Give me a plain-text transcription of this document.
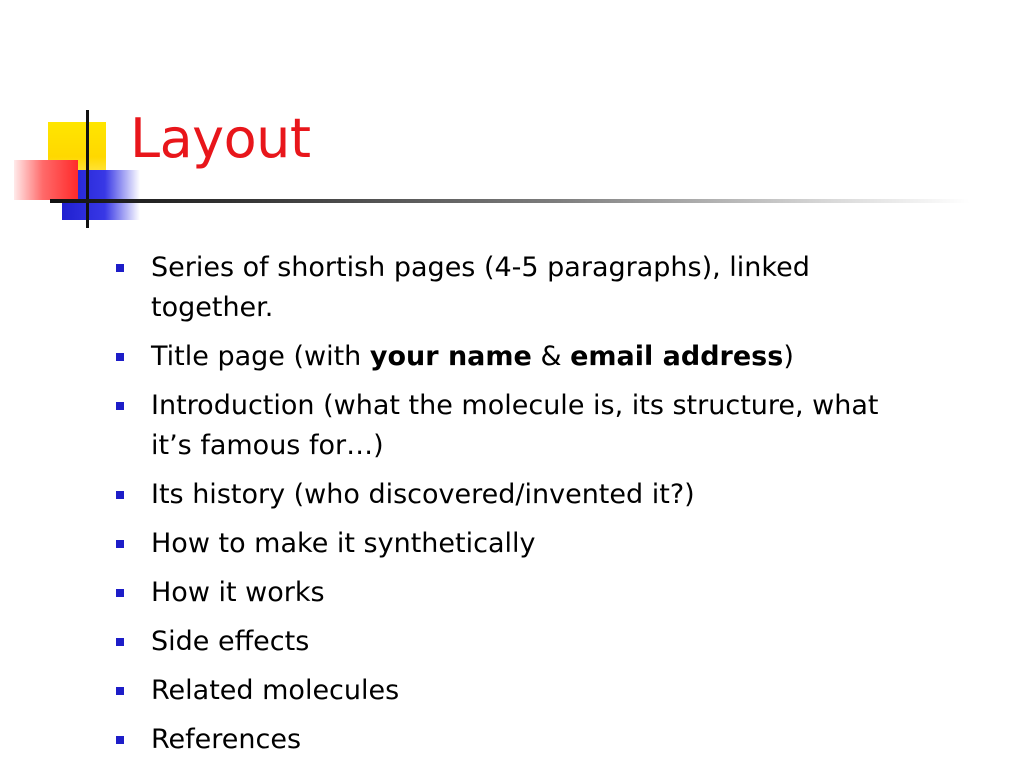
Layout
Series of shortish pages (4-5 paragraphs), linked together.
Title page (with your name & email address)
Introduction (what the molecule is, its structure, what it’s famous for…)
Its history (who discovered/invented it?)
How to make it synthetically
How it works
Side effects
Related molecules
References
